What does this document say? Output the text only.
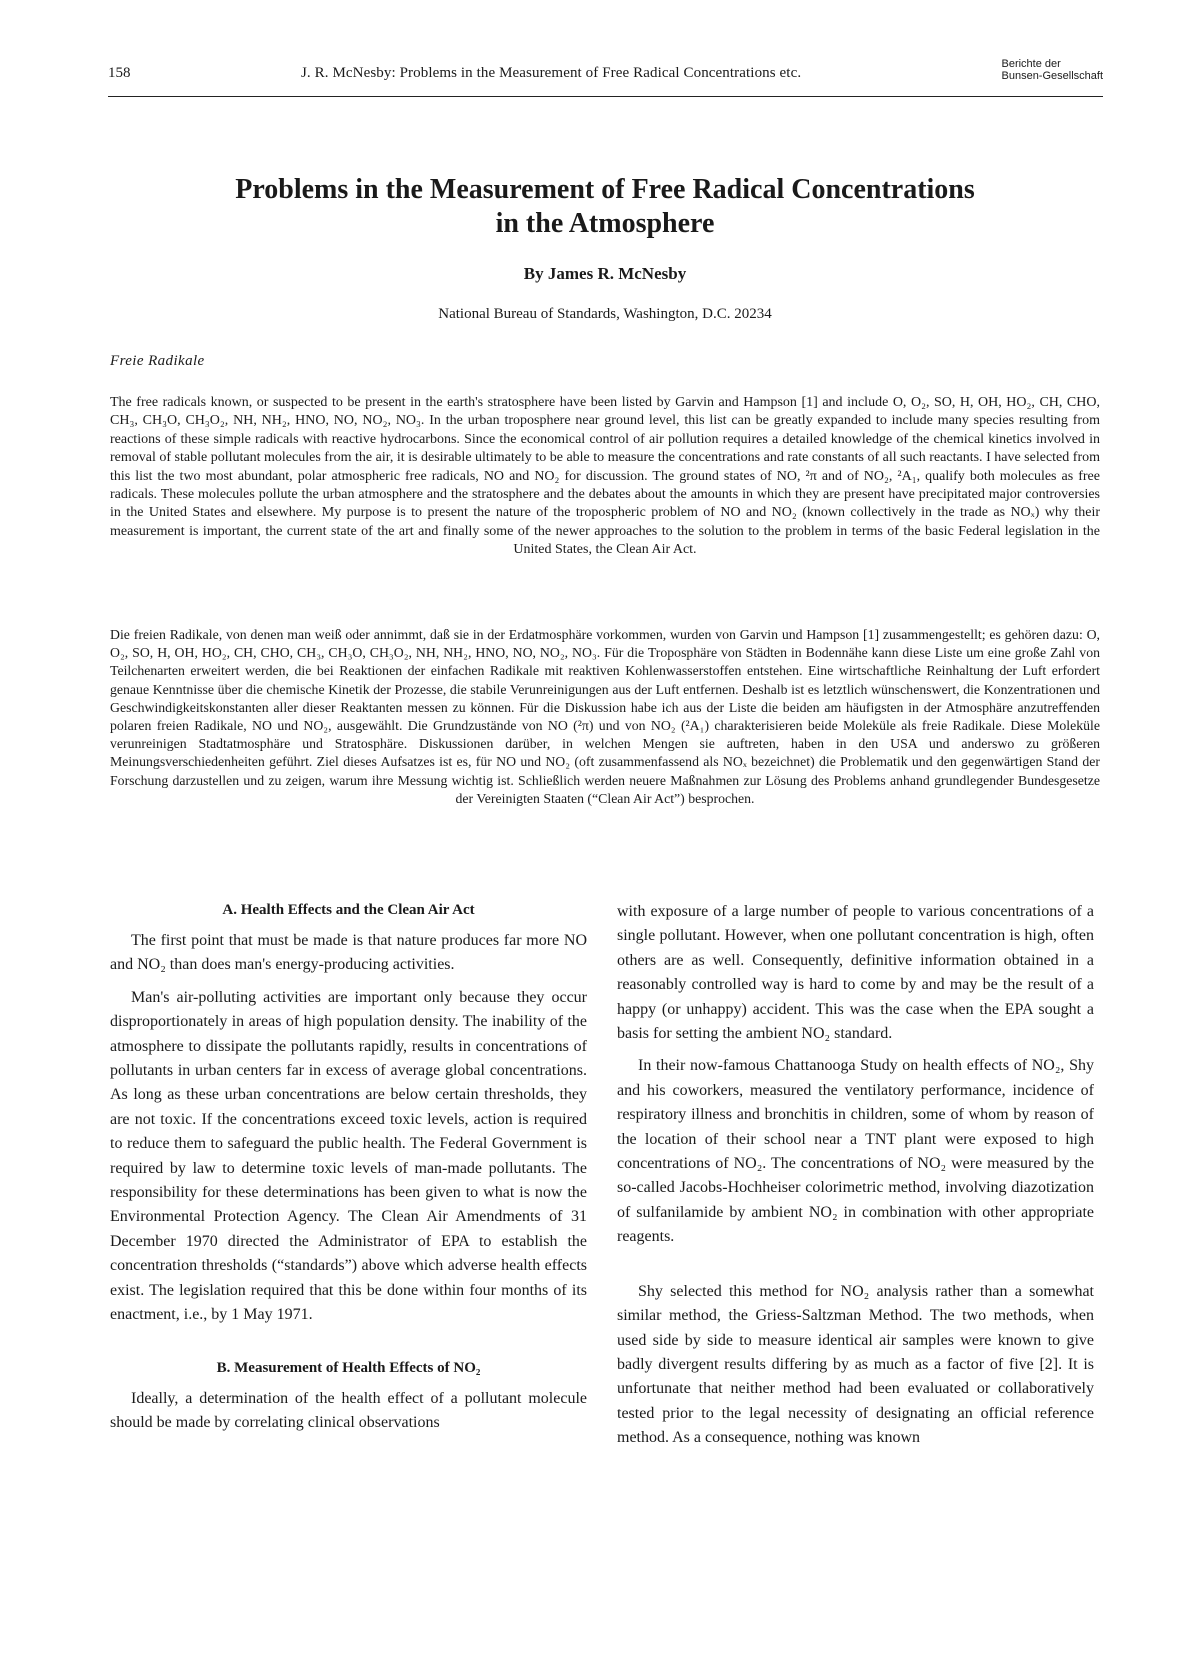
158	J. R. McNesby: Problems in the Measurement of Free Radical Concentrations etc.
Berichte der
Bunsen-Gesellschaft
Problems in the Measurement of Free Radical Concentrations
in the Atmosphere
By James R. McNesby
National Bureau of Standards, Washington, D.C. 20234
Freie Radikale

The free radicals known, or suspected to be present in the earth's stratosphere have been listed by Garvin and Hampson [1] and include O, O₂, SO, H, OH, HO₂, CH, CHO, CH₃, CH₃O, CH₃O₂, NH, NH₂, HNO, NO, NO₂, NO₃. In the urban troposphere near ground level, this list can be greatly expanded to include many species resulting from reactions of these simple radicals with reactive hydrocarbons. Since the economical control of air pollution requires a detailed knowledge of the chemical kinetics involved in removal of stable pollutant molecules from the air, it is desirable ultimately to be able to measure the concentrations and rate constants of all such reactants. I have selected from this list the two most abundant, polar atmospheric free radicals, NO and NO₂ for discussion. The ground states of NO, ²π and of NO₂, ²A₁, qualify both molecules as free radicals. These molecules pollute the urban atmosphere and the stratosphere and the debates about the amounts in which they are present have precipitated major controversies in the United States and elsewhere. My purpose is to present the nature of the tropospheric problem of NO and NO₂ (known collectively in the trade as NOₓ) why their measurement is important, the current state of the art and finally some of the newer approaches to the solution to the problem in terms of the basic Federal legislation in the United States, the Clean Air Act.

Die freien Radikale, von denen man weiß oder annimmt, daß sie in der Erdatmosphäre vorkommen, wurden von Garvin und Hampson [1] zusammengestellt; es gehören dazu: O, O₂, SO, H, OH, HO₂, CH, CHO, CH₃, CH₃O, CH₃O₂, NH, NH₂, HNO, NO, NO₂, NO₃. Für die Troposphäre von Städten in Bodennähe kann diese Liste um eine große Zahl von Teilchenarten erweitert werden, die bei Reaktionen der einfachen Radikale mit reaktiven Kohlenwasserstoffen entstehen. Eine wirtschaftliche Reinhaltung der Luft erfordert genaue Kenntnisse über die chemische Kinetik der Prozesse, die stabile Verunreinigungen aus der Luft entfernen. Deshalb ist es letztlich wünschenswert, die Konzentrationen und Geschwindigkeitskonstanten aller dieser Reaktanten messen zu können. Für die Diskussion habe ich aus der Liste die beiden am häufigsten in der Atmosphäre anzutreffenden polaren freien Radikale, NO und NO₂, ausgewählt. Die Grundzustände von NO (²π) und von NO₂ (²A₁) charakterisieren beide Moleküle als freie Radikale. Diese Moleküle verunreinigen Stadtatmosphäre und Stratosphäre. Diskussionen darüber, in welchen Mengen sie auftreten, haben in den USA und anderswo zu größeren Meinungsverschiedenheiten geführt. Ziel dieses Aufsatzes ist es, für NO und NO₂ (oft zusammenfassend als NOₓ bezeichnet) die Problematik und den gegenwärtigen Stand der Forschung darzustellen und zu zeigen, warum ihre Messung wichtig ist. Schließlich werden neuere Maßnahmen zur Lösung des Problems anhand grundlegender Bundesgesetze der Vereinigten Staaten (“Clean Air Act”) besprochen.

A. Health Effects and the Clean Air Act

The first point that must be made is that nature produces far more NO and NO₂ than does man's energy-producing activities.

Man's air-polluting activities are important only because they occur disproportionately in areas of high population density. The inability of the atmosphere to dissipate the pollutants rapidly, results in concentrations of pollutants in urban centers far in excess of average global concentrations. As long as these urban concentrations are below certain thresholds, they are not toxic. If the concentrations exceed toxic levels, action is required to reduce them to safeguard the public health. The Federal Government is required by law to determine toxic levels of man-made pollutants. The responsibility for these determinations has been given to what is now the Environmental Protection Agency. The Clean Air Amendments of 31 December 1970 directed the Administrator of EPA to establish the concentration thresholds (“standards”) above which adverse health effects exist. The legislation required that this be done within four months of its enactment, i.e., by 1 May 1971.

B. Measurement of Health Effects of NO₂

Ideally, a determination of the health effect of a pollutant molecule should be made by correlating clinical observations

with exposure of a large number of people to various concentrations of a single pollutant. However, when one pollutant concentration is high, often others are as well. Consequently, definitive information obtained in a reasonably controlled way is hard to come by and may be the result of a happy (or unhappy) accident. This was the case when the EPA sought a basis for setting the ambient NO₂ standard.

In their now-famous Chattanooga Study on health effects of NO₂, Shy and his coworkers, measured the ventilatory performance, incidence of respiratory illness and bronchitis in children, some of whom by reason of the location of their school near a TNT plant were exposed to high concentrations of NO₂. The concentrations of NO₂ were measured by the so-called Jacobs-Hochheiser colorimetric method, involving diazotization of sulfanilamide by ambient NO₂ in combination with other appropriate reagents.

Shy selected this method for NO₂ analysis rather than a somewhat similar method, the Griess-Saltzman Method. The two methods, when used side by side to measure identical air samples were known to give badly divergent results differing by as much as a factor of five [2]. It is unfortunate that neither method had been evaluated or collaboratively tested prior to the legal necessity of designating an official reference method. As a consequence, nothing was known
